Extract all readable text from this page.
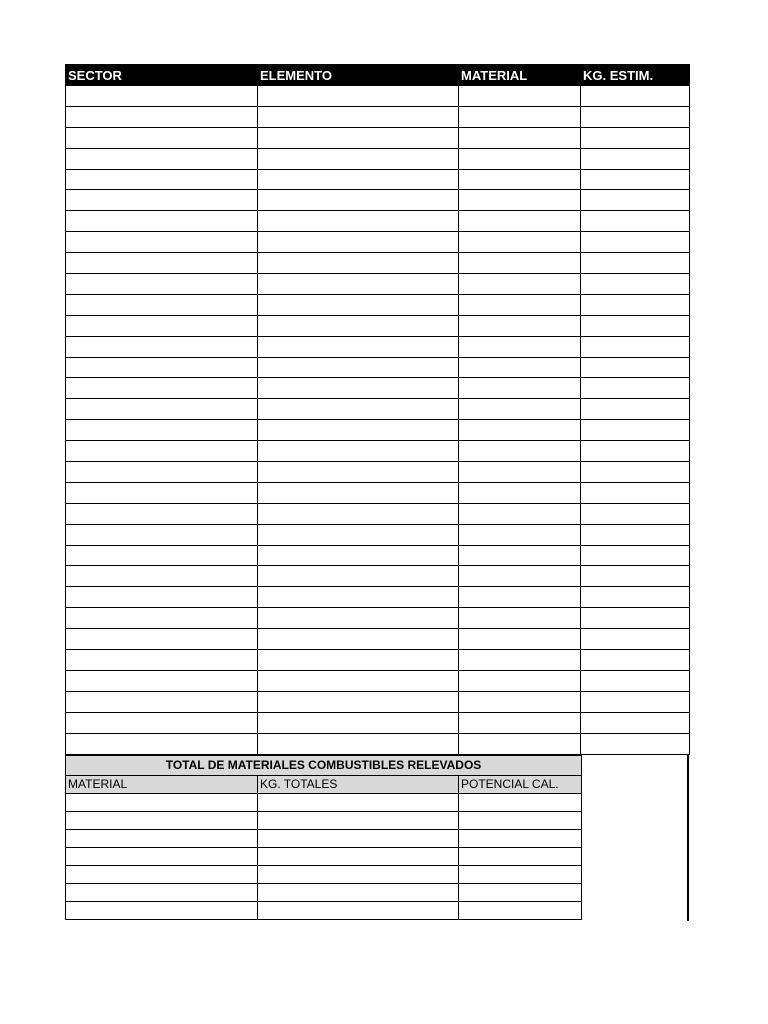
SECTOR	ELEMENTO	MATERIAL	KG. ESTIM.

TOTAL DE MATERIALES COMBUSTIBLES RELEVADOS		
MATERIAL	KG. TOTALES	POTENCIAL CAL.
